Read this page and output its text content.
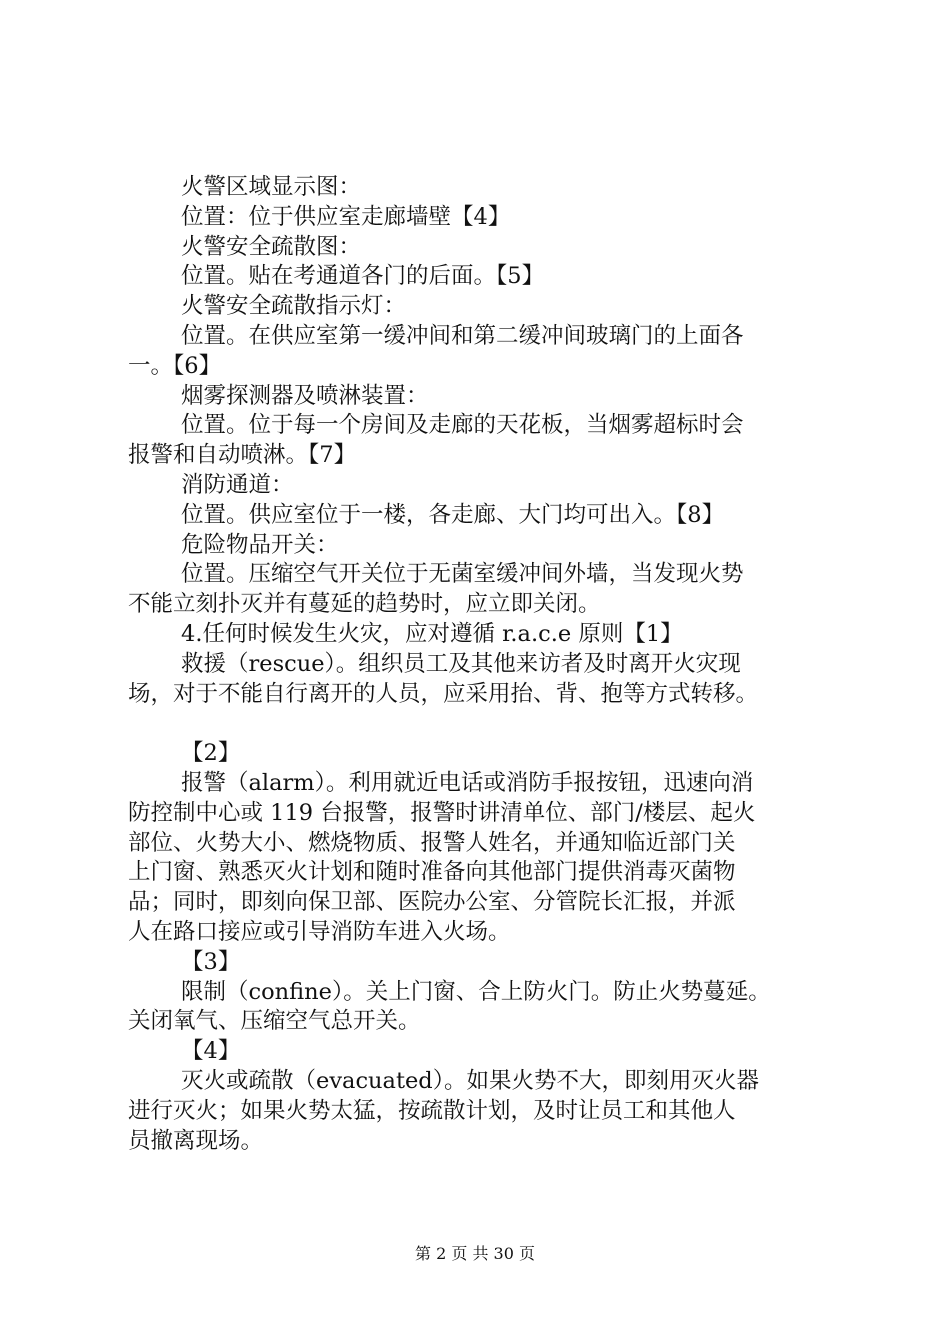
火警区域显示图：
位置：位于供应室走廊墙壁【4】
火警安全疏散图：
位置。贴在考通道各门的后面。【5】
火警安全疏散指示灯：
位置。在供应室第一缓冲间和第二缓冲间玻璃门的上面各
一。【6】
烟雾探测器及喷淋装置：
位置。位于每一个房间及走廊的天花板，当烟雾超标时会
报警和自动喷淋。【7】
消防通道：
位置。供应室位于一楼，各走廊、大门均可出入。【8】
危险物品开关：
位置。压缩空气开关位于无菌室缓冲间外墙，当发现火势
不能立刻扑灭并有蔓延的趋势时，应立即关闭。
4.任何时候发生火灾，应对遵循 r.a.c.e 原则【1】
救援（rescue）。组织员工及其他来访者及时离开火灾现
场，对于不能自行离开的人员，应采用抬、背、抱等方式转移。
【2】
报警（alarm）。利用就近电话或消防手报按钮，迅速向消
防控制中心或 119 台报警，报警时讲清单位、部门/楼层、起火
部位、火势大小、燃烧物质、报警人姓名，并通知临近部门关
上门窗、熟悉灭火计划和随时准备向其他部门提供消毒灭菌物
品；同时，即刻向保卫部、医院办公室、分管院长汇报，并派
人在路口接应或引导消防车进入火场。
【3】
限制（confine）。关上门窗、合上防火门。防止火势蔓延。
关闭氧气、压缩空气总开关。
【4】
灭火或疏散（evacuated）。如果火势不大，即刻用灭火器
进行灭火；如果火势太猛，按疏散计划，及时让员工和其他人
员撤离现场。
第 2 页 共 30 页
